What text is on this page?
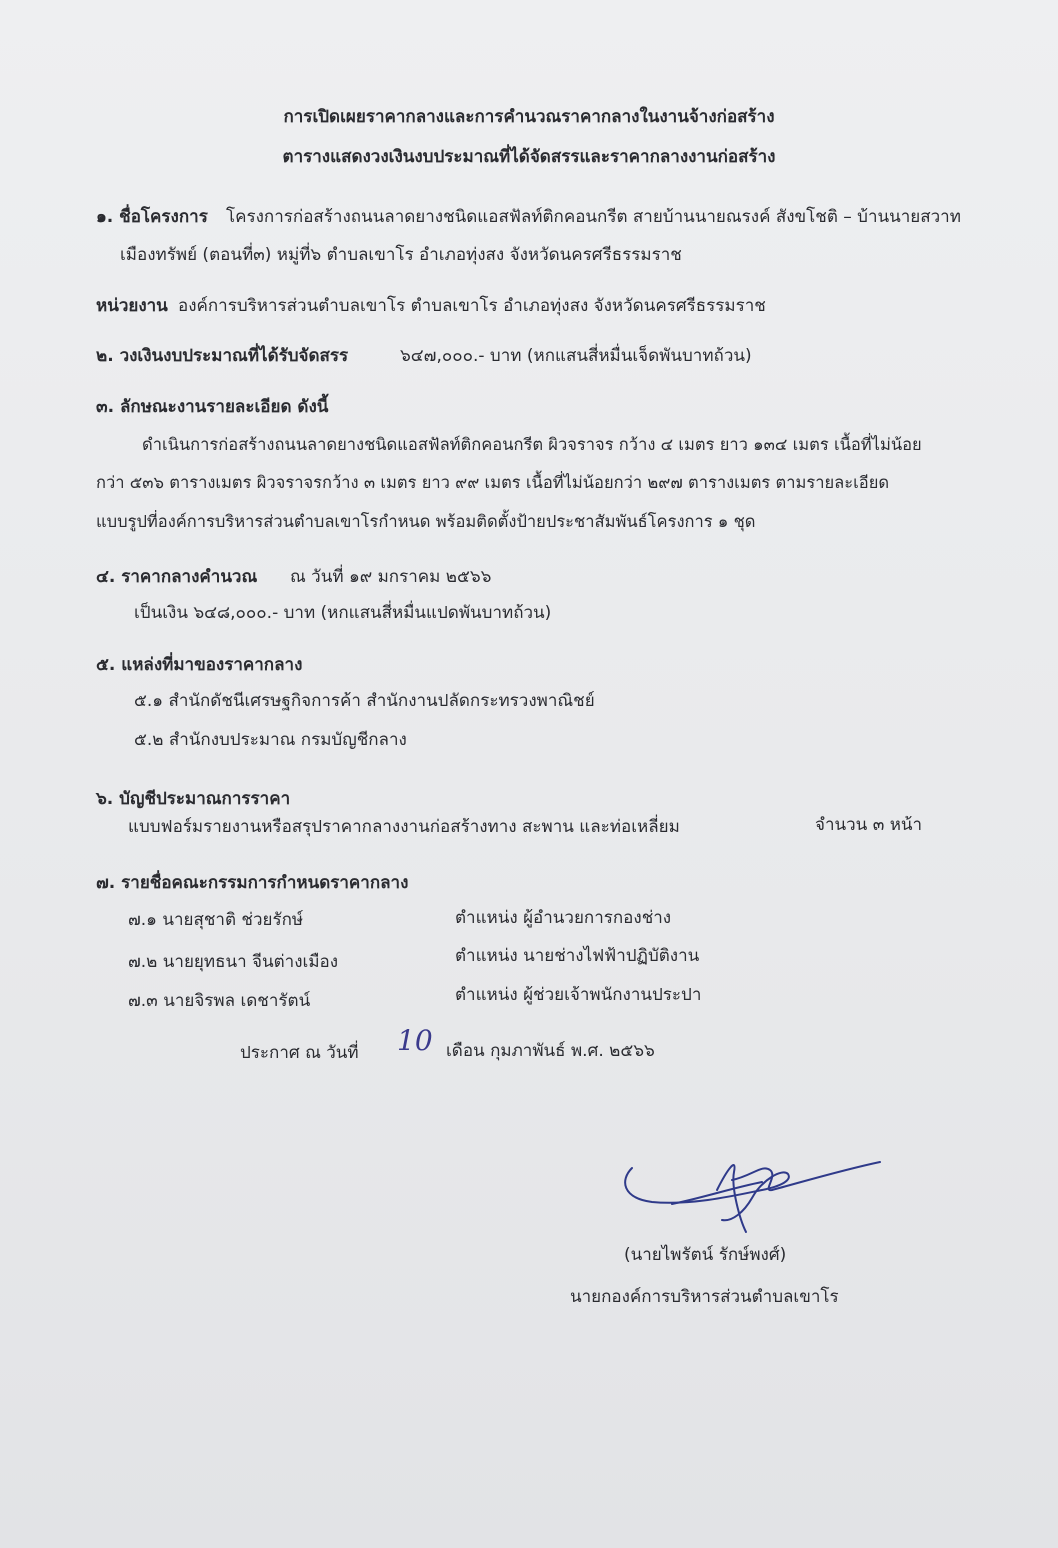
การเปิดเผยราคากลางและการคำนวณราคากลางในงานจ้างก่อสร้าง
ตารางแสดงวงเงินงบประมาณที่ได้จัดสรรและราคากลางงานก่อสร้าง
๑. ชื่อโครงการ โครงการก่อสร้างถนนลาดยางชนิดแอสฟัลท์ติกคอนกรีต สายบ้านนายณรงค์ สังขโชติ – บ้านนายสวาท
เมืองทรัพย์ (ตอนที่๓) หมู่ที่๖ ตำบลเขาโร อำเภอทุ่งสง จังหวัดนครศรีธรรมราช
หน่วยงาน องค์การบริหารส่วนตำบลเขาโร ตำบลเขาโร อำเภอทุ่งสง จังหวัดนครศรีธรรมราช
๒. วงเงินงบประมาณที่ได้รับจัดสรร	๖๔๗,๐๐๐.- บาท (หกแสนสี่หมื่นเจ็ดพันบาทถ้วน)
๓. ลักษณะงานรายละเอียด ดังนี้
ดำเนินการก่อสร้างถนนลาดยางชนิดแอสฟัลท์ติกคอนกรีต ผิวจราจร กว้าง ๔ เมตร ยาว ๑๓๔ เมตร เนื้อที่ไม่น้อย
กว่า ๕๓๖ ตารางเมตร ผิวจราจรกว้าง ๓ เมตร ยาว ๙๙ เมตร เนื้อที่ไม่น้อยกว่า ๒๙๗ ตารางเมตร ตามรายละเอียด
แบบรูปที่องค์การบริหารส่วนตำบลเขาโรกำหนด พร้อมติดตั้งป้ายประชาสัมพันธ์โครงการ ๑ ชุด
๔. ราคากลางคำนวณ ณ วันที่ ๑๙ มกราคม ๒๕๖๖
เป็นเงิน ๖๔๘,๐๐๐.- บาท (หกแสนสี่หมื่นแปดพันบาทถ้วน)
๕. แหล่งที่มาของราคากลาง
๕.๑ สำนักดัชนีเศรษฐกิจการค้า สำนักงานปลัดกระทรวงพาณิชย์
๕.๒ สำนักงบประมาณ กรมบัญชีกลาง
๖. บัญชีประมาณการราคา
แบบฟอร์มรายงานหรือสรุปราคากลางงานก่อสร้างทาง สะพาน และท่อเหลี่ยม	จำนวน ๓ หน้า
๗. รายชื่อคณะกรรมการกำหนดราคากลาง
๗.๑ นายสุชาติ ช่วยรักษ์	ตำแหน่ง ผู้อำนวยการกองช่าง
๗.๒ นายยุทธนา จีนต่างเมือง	ตำแหน่ง นายช่างไฟฟ้าปฏิบัติงาน
๗.๓ นายจิรพล เดชารัตน์	ตำแหน่ง ผู้ช่วยเจ้าพนักงานประปา
ประกาศ ณ วันที่ 10 เดือน กุมภาพันธ์ พ.ศ. ๒๕๖๖
(นายไพรัตน์ รักษ์พงศ์)
นายกองค์การบริหารส่วนตำบลเขาโร
